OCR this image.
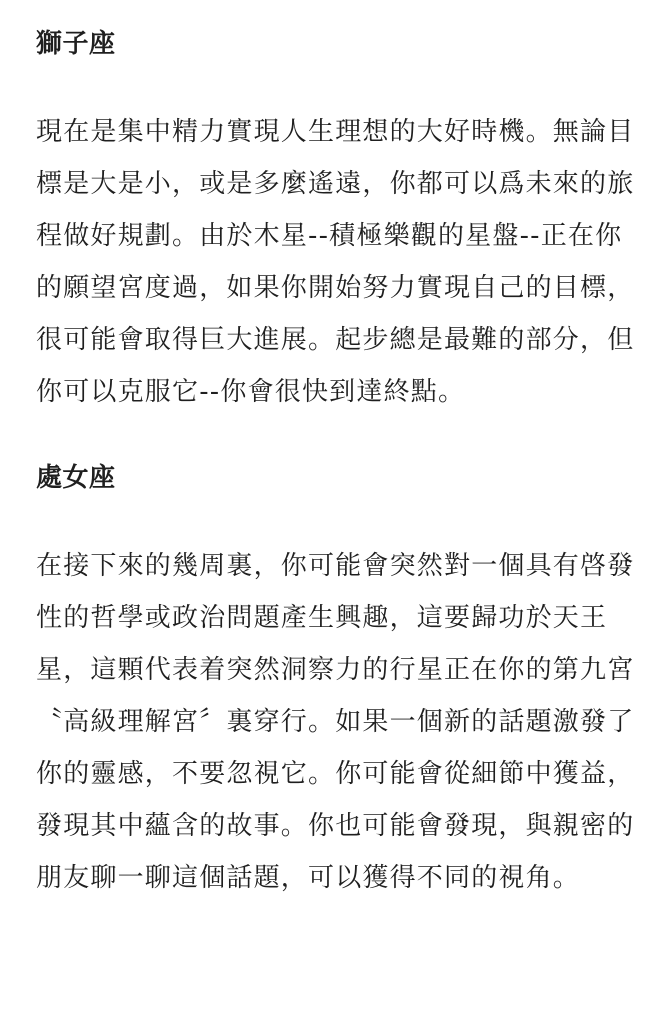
獅子座

現在是集中精力實現人生理想的大好時機。無論目標是大是小，或是多麼遙遠，你都可以爲未來的旅程做好規劃。由於木星--積極樂觀的星盤--正在你的願望宮度過，如果你開始努力實現自己的目標，很可能會取得巨大進展。起步總是最難的部分，但你可以克服它--你會很快到達終點。

處女座

在接下來的幾周裏，你可能會突然對一個具有啓發性的哲學或政治問題產生興趣，這要歸功於天王星，這顆代表着突然洞察力的行星正在你的第九宮〝高級理解宮〞裏穿行。如果一個新的話題激發了你的靈感，不要忽視它。你可能會從細節中獲益，發現其中蘊含的故事。你也可能會發現，與親密的朋友聊一聊這個話題，可以獲得不同的視角。
